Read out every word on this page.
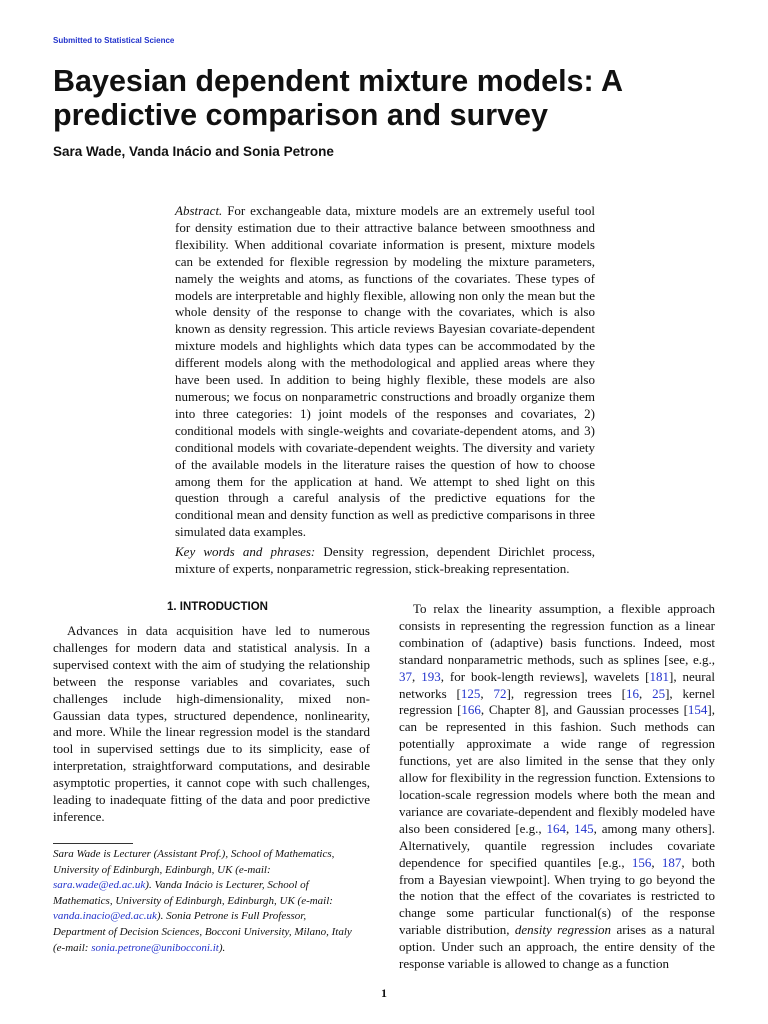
Submitted to Statistical Science
Bayesian dependent mixture models: A predictive comparison and survey
Sara Wade, Vanda Inácio and Sonia Petrone

Abstract. For exchangeable data, mixture models are an extremely useful tool for density estimation due to their attractive balance between smoothness and flexibility. When additional covariate information is present, mixture models can be extended for flexible regression by modeling the mixture parameters, namely the weights and atoms, as functions of the covariates. These types of models are interpretable and highly flexible, allowing non only the mean but the whole density of the response to change with the covariates, which is also known as density regression. This article reviews Bayesian covariate-dependent mixture models and highlights which data types can be accommodated by the different models along with the methodological and applied areas where they have been used. In addition to being highly flexible, these models are also numerous; we focus on nonparametric constructions and broadly organize them into three categories: 1) joint models of the responses and covariates, 2) conditional models with single-weights and covariate-dependent atoms, and 3) conditional models with covariate-dependent weights. The diversity and variety of the available models in the literature raises the question of how to choose among them for the application at hand. We attempt to shed light on this question through a careful analysis of the predictive equations for the conditional mean and density function as well as predictive comparisons in three simulated data examples.

Key words and phrases: Density regression, dependent Dirichlet process, mixture of experts, nonparametric regression, stick-breaking representation.

1. INTRODUCTION

Advances in data acquisition have led to numerous challenges for modern data and statistical analysis. In a supervised context with the aim of studying the relationship between the response variables and covariates, such challenges include high-dimensionality, mixed non-Gaussian data types, structured dependence, nonlinearity, and more. While the linear regression model is the standard tool in supervised settings due to its simplicity, ease of interpretation, straightforward computations, and desirable asymptotic properties, it cannot cope with such challenges, leading to inadequate fitting of the data and poor predictive inference.

Sara Wade is Lecturer (Assistant Prof.), School of Mathematics, University of Edinburgh, Edinburgh, UK (e-mail: sara.wade@ed.ac.uk). Vanda Inácio is Lecturer, School of Mathematics, University of Edinburgh, Edinburgh, UK (e-mail: vanda.inacio@ed.ac.uk). Sonia Petrone is Full Professor, Department of Decision Sciences, Bocconi University, Milano, Italy (e-mail: sonia.petrone@unibocconi.it).

To relax the linearity assumption, a flexible approach consists in representing the regression function as a linear combination of (adaptive) basis functions. Indeed, most standard nonparametric methods, such as splines [see, e.g., 37, 193, for book-length reviews], wavelets [181], neural networks [125, 72], regression trees [16, 25], kernel regression [166, Chapter 8], and Gaussian processes [154], can be represented in this fashion. Such methods can potentially approximate a wide range of regression functions, yet are also limited in the sense that they only allow for flexibility in the regression function. Extensions to location-scale regression models where both the mean and variance are covariate-dependent and flexibly modeled have also been considered [e.g., 164, 145, among many others]. Alternatively, quantile regression includes covariate dependence for specified quantiles [e.g., 156, 187, both from a Bayesian viewpoint]. When trying to go beyond the the notion that the effect of the covariates is restricted to change some particular functional(s) of the response variable distribution, density regression arises as a natural option. Under such an approach, the entire density of the response variable is allowed to change as a function

1
